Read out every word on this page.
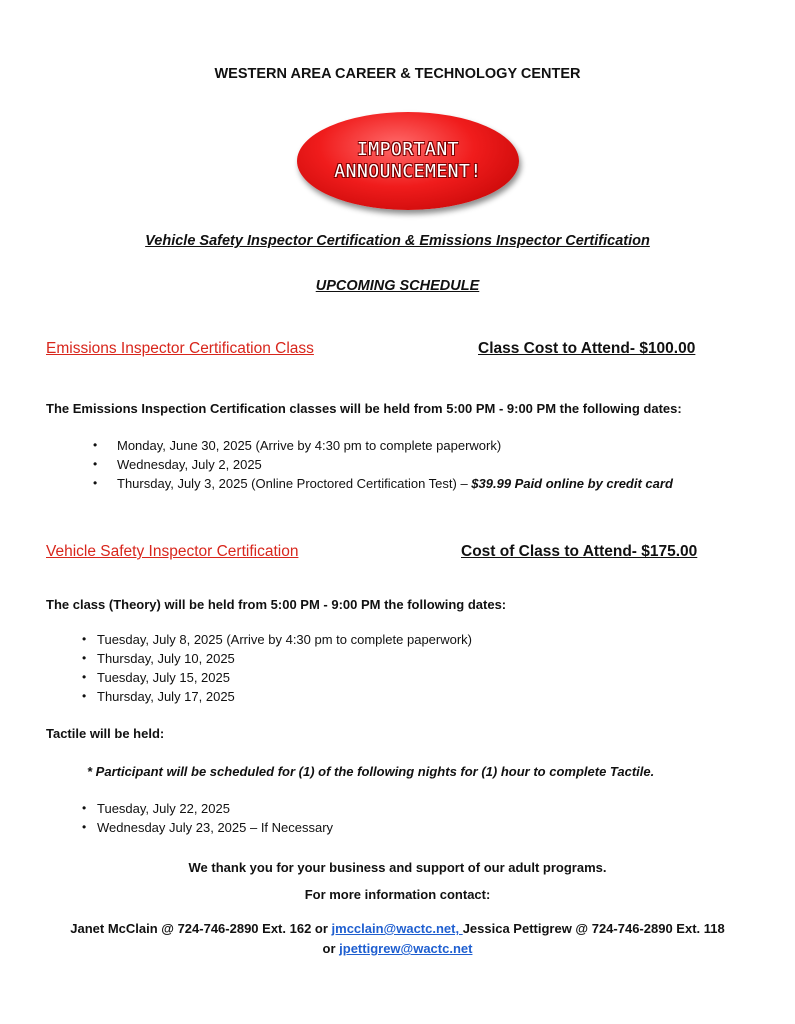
WESTERN AREA CAREER & TECHNOLOGY CENTER
IMPORTANT
ANNOUNCEMENT!
Vehicle Safety Inspector Certification & Emissions Inspector Certification
UPCOMING SCHEDULE
Emissions Inspector Certification Class	Class Cost to Attend- $100.00
The Emissions Inspection Certification classes will be held from 5:00 PM - 9:00 PM the following dates:
• Monday, June 30, 2025 (Arrive by 4:30 pm to complete paperwork)
• Wednesday, July 2, 2025
• Thursday, July 3, 2025 (Online Proctored Certification Test) – $39.99 Paid online by credit card
Vehicle Safety Inspector Certification	Cost of Class to Attend- $175.00
The class (Theory) will be held from 5:00 PM - 9:00 PM the following dates:
• Tuesday, July 8, 2025 (Arrive by 4:30 pm to complete paperwork)
• Thursday, July 10, 2025
• Tuesday, July 15, 2025
• Thursday, July 17, 2025
Tactile will be held:
* Participant will be scheduled for (1) of the following nights for (1) hour to complete Tactile.
• Tuesday, July 22, 2025
• Wednesday July 23, 2025 – If Necessary
We thank you for your business and support of our adult programs.
For more information contact:
Janet McClain @ 724-746-2890 Ext. 162 or jmcclain@wactc.net, Jessica Pettigrew @ 724-746-2890 Ext. 118
or jpettigrew@wactc.net
